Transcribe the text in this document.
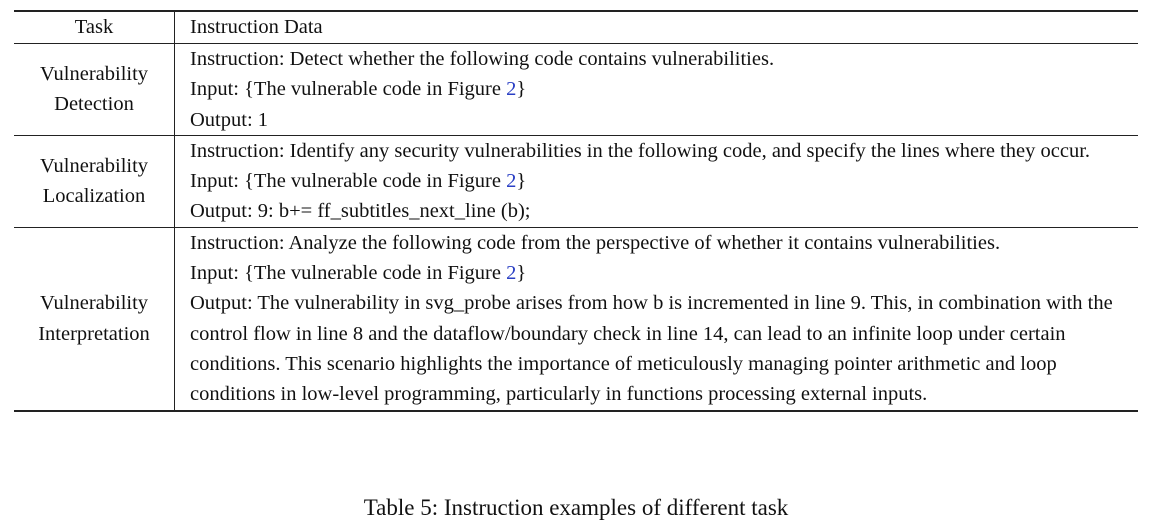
Task	Instruction Data

Vulnerability
Detection	Instruction: Detect whether the following code contains vulnerabilities.
Input: {The vulnerable code in Figure 2}
Output: 1

Vulnerability
Localization	Instruction: Identify any security vulnerabilities in the following code, and specify the lines where they occur.
Input: {The vulnerable code in Figure 2}
Output: 9: b+= ff_subtitles_next_line (b);

Vulnerability
Interpretation	Instruction: Analyze the following code from the perspective of whether it contains vulnerabilities.
Input: {The vulnerable code in Figure 2}
Output: The vulnerability in svg_probe arises from how b is incremented in line 9. This, in combination with the control flow in line 8 and the dataflow/boundary check in line 14, can lead to an infinite loop under certain conditions. This scenario highlights the importance of meticulously managing pointer arithmetic and loop conditions in low-level programming, particularly in functions processing external inputs.
Table 5: Instruction examples of different task
